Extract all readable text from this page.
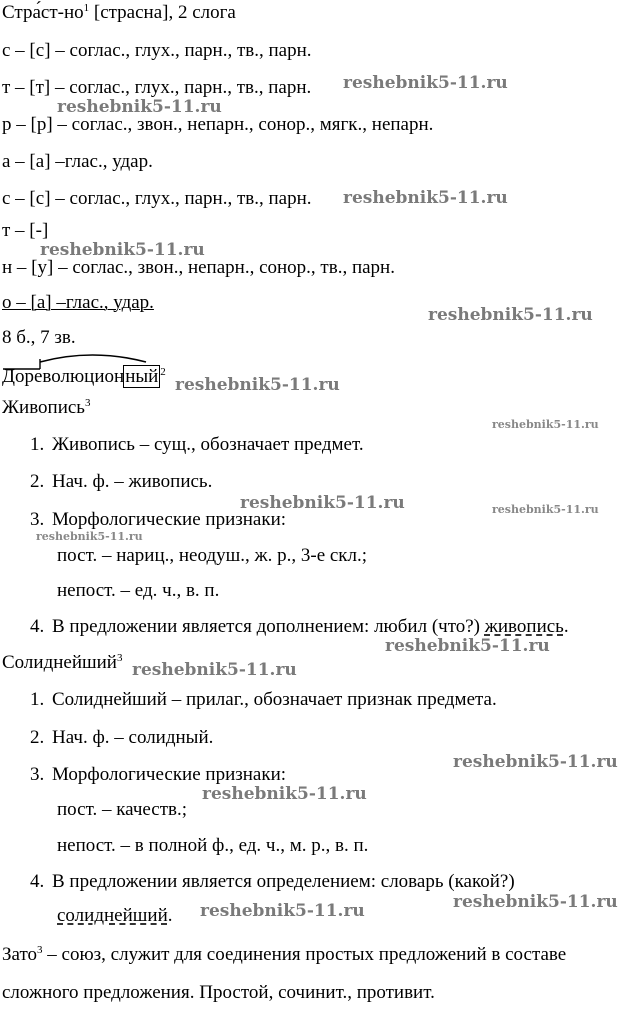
$Стра́ст-но^1$ [страсна], 2 слога
с – [с] – соглас., глух., парн., тв., парн.
т – [т] – соглас., глух., парн., тв., парн.
р – [р] – соглас., звон., непарн., сонор., мягк., непарн.
а – [а] –глас., удар.
с – [с] – соглас., глух., парн., тв., парн.
т – [-]
н – [у] – соглас., звон., непарн., сонор., тв., парн.
о – [а] –глас., удар.
8 б., 7 зв.
Дореволюционный $^2$
Живопись$^3$
1. Живопись – сущ., обозначает предмет.
2. Нач. ф. – живопись.
3. Морфологические признаки:
пост. – нариц., неодуш., ж. р., 3-е скл.;
непост. – ед. ч., в. п.
4. В предложении является дополнением: любил (что?) живопись.
Солиднейший$^3$
1. Солиднейший – прилаг., обозначает признак предмета.
2. Нач. ф. – солидный.
3. Морфологические признаки:
пост. – качеств.;
непост. – в полной ф., ед. ч., м. р., в. п.
4. В предложении является определением: словарь (какой?)
солиднейший.
Зато$^3$ – союз, служит для соединения простых предложений в составе
сложного предложения. Простой, сочинит., противит.
reshebnik5-11.ru
reshebnik5-11.ru
reshebnik5-11.ru
reshebnik5-11.ru
reshebnik5-11.ru
reshebnik5-11.ru
reshebnik5-11.ru
reshebnik5-11.ru	reshebnik5-11.ru
reshebnik5-11.ru
reshebnik5-11.ru
reshebnik5-11.ru
reshebnik5-11.ru
reshebnik5-11.ru
reshebnik5-11.ru
reshebnik5-11.ru
